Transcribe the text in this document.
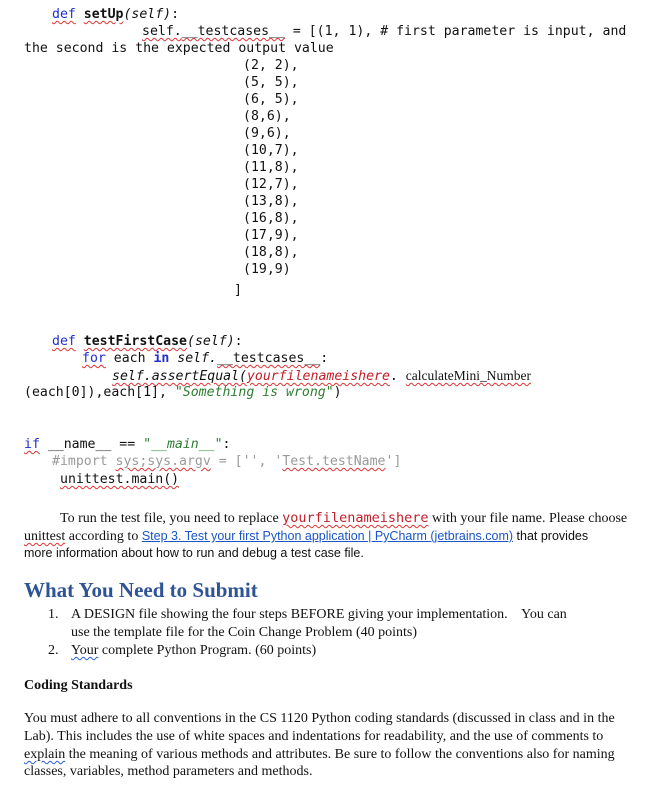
def setUp(self):
self.__testcases__ = [(1, 1), # first parameter is input, and
the second is the expected output value
(2, 2),
(5, 5),
(6, 5),
(8,6),
(9,6),
(10,7),
(11,8),
(12,7),
(13,8),
(16,8),
(17,9),
(18,8),
(19,9)
]
def testFirstCase(self):
for each in self.__testcases__:
self.assertEqual(yourfilenameishere. calculateMini_Number
(each[0]),each[1], "Something is wrong")
if __name__ == "__main__":
#import sys;sys.argv = ['', 'Test.testName']
unittest.main()
To run the test file, you need to replace yourfilenameishere with your file name. Please choose
unittest according to Step 3. Test your first Python application | PyCharm (jetbrains.com) that provides
more information about how to run and debug a test case file.
What You Need to Submit
1. A DESIGN file showing the four steps BEFORE giving your implementation.    You can
use the template file for the Coin Change Problem (40 points)
2. Your complete Python Program. (60 points)
Coding Standards
You must adhere to all conventions in the CS 1120 Python coding standards (discussed in class and in the
Lab). This includes the use of white spaces and indentations for readability, and the use of comments to
explain the meaning of various methods and attributes. Be sure to follow the conventions also for naming
classes, variables, method parameters and methods.
